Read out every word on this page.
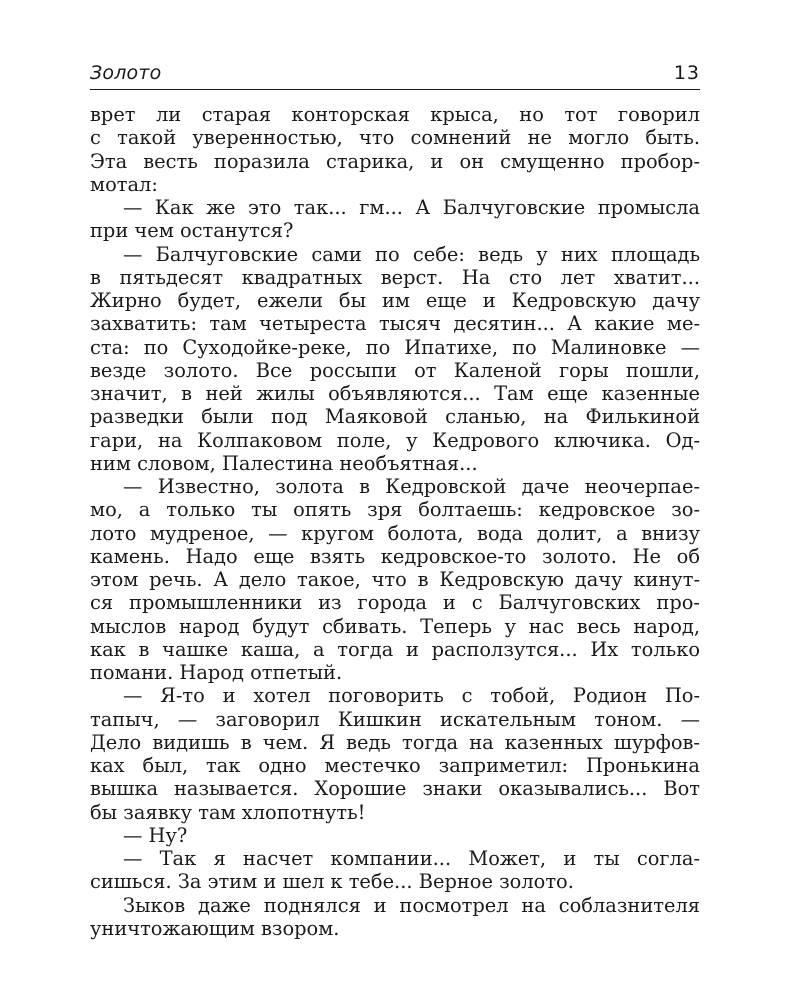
Золото	13
врет ли старая конторская крыса, но тот говорил
с такой уверенностью, что сомнений не могло быть.
Эта весть поразила старика, и он смущенно пробор-
мотал:
— Как же это так... гм... А Балчуговские промысла
при чем останутся?
— Балчуговские сами по себе: ведь у них площадь
в пятьдесят квадратных верст. На сто лет хватит...
Жирно будет, ежели бы им еще и Кедровскую дачу
захватить: там четыреста тысяч десятин... А какие ме-
ста: по Суходойке-реке, по Ипатихе, по Малиновке —
везде золото. Все россыпи от Каленой горы пошли,
значит, в ней жилы объявляются... Там еще казенные
разведки были под Маяковой сланью, на Филькиной
гари, на Колпаковом поле, у Кедрового ключика. Од-
ним словом, Палестина необъятная...
— Известно, золота в Кедровской даче неочерпае-
мо, а только ты опять зря болтаешь: кедровское зо-
лото мудреное, — кругом болота, вода долит, а внизу
камень. Надо еще взять кедровское-то золото. Не об
этом речь. А дело такое, что в Кедровскую дачу кинут-
ся промышленники из города и с Балчуговских про-
мыслов народ будут сбивать. Теперь у нас весь народ,
как в чашке каша, а тогда и расползутся... Их только
помани. Народ отпетый.
— Я-то и хотел поговорить с тобой, Родион По-
тапыч, — заговорил Кишкин искательным тоном. —
Дело видишь в чем. Я ведь тогда на казенных шурфов-
ках был, так одно местечко заприметил: Пронькина
вышка называется. Хорошие знаки оказывались... Вот
бы заявку там хлопотнуть!
— Ну?
— Так я насчет компании... Может, и ты согла-
сишься. За этим и шел к тебе... Верное золото.
Зыков даже поднялся и посмотрел на соблазнителя
уничтожающим взором.
